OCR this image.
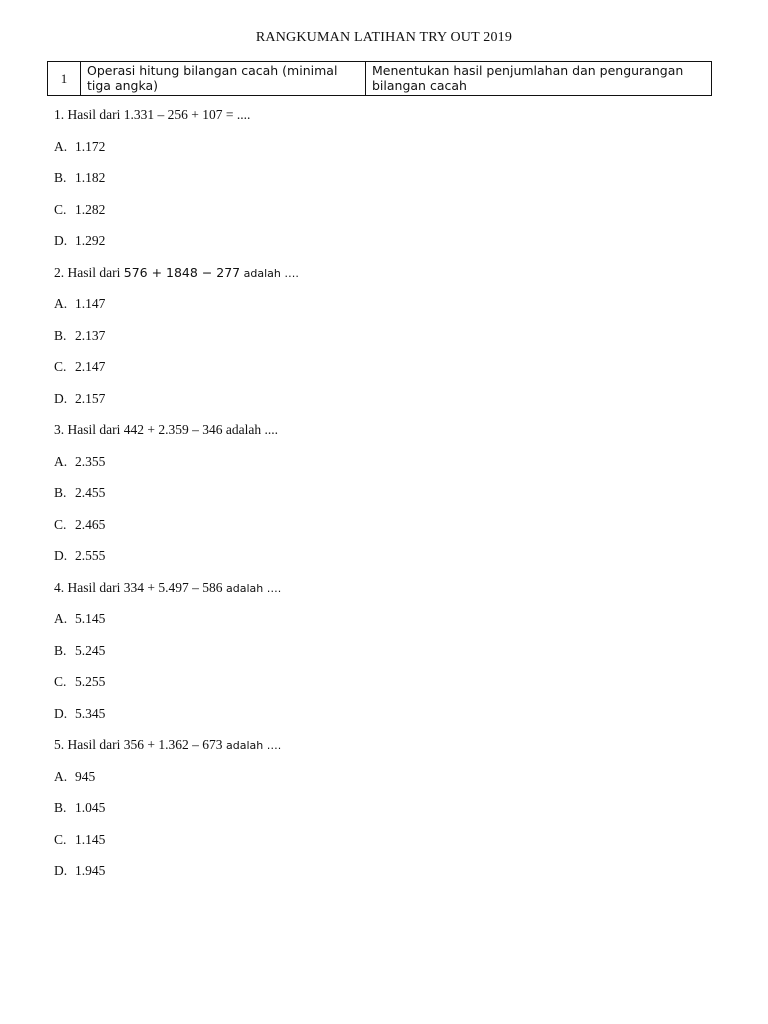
RANGKUMAN LATIHAN TRY OUT 2019
1	Operasi hitung bilangan cacah (minimal tiga angka)	Menentukan hasil penjumlahan dan pengurangan bilangan cacah
1. Hasil dari 1.331 – 256 + 107 = ....
A. 1.172
B. 1.182
C. 1.282
D. 1.292
2. Hasil dari 576 + 1848 − 277 adalah ….
A. 1.147
B. 2.137
C. 2.147
D. 2.157
3. Hasil dari 442 + 2.359 – 346 adalah ....
A. 2.355
B. 2.455
C. 2.465
D. 2.555
4. Hasil dari 334 + 5.497 – 586 adalah ….
A. 5.145
B. 5.245
C. 5.255
D. 5.345
5. Hasil dari 356 + 1.362 – 673 adalah ….
A. 945
B. 1.045
C. 1.145
D. 1.945
